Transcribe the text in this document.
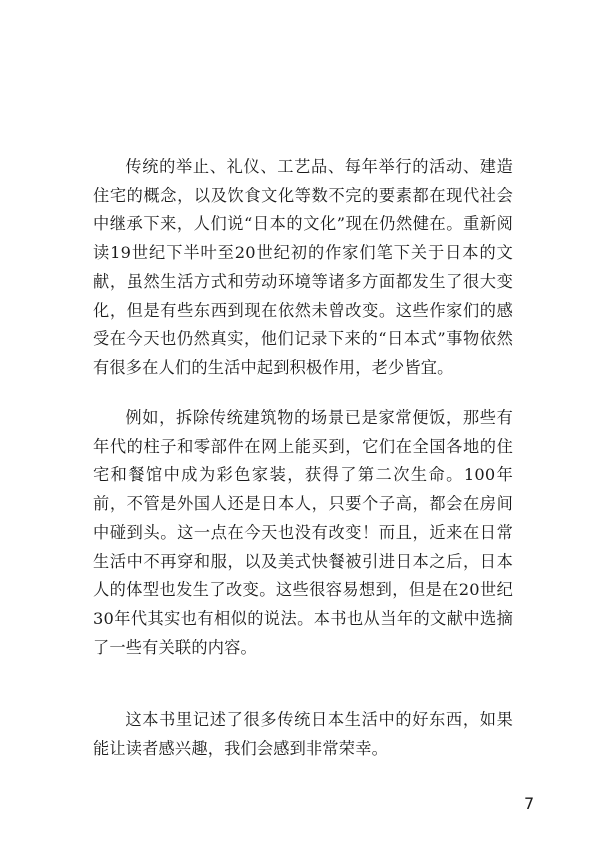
传统的举止、礼仪、工艺品、每年举行的活动、建造住宅的概念，以及饮食文化等数不完的要素都在现代社会中继承下来，人们说“日本的文化”现在仍然健在。重新阅读19世纪下半叶至20世纪初的作家们笔下关于日本的文献，虽然生活方式和劳动环境等诸多方面都发生了很大变化，但是有些东西到现在依然未曾改变。这些作家们的感受在今天也仍然真实，他们记录下来的“日本式”事物依然有很多在人们的生活中起到积极作用，老少皆宜。

例如，拆除传统建筑物的场景已是家常便饭，那些有年代的柱子和零部件在网上能买到，它们在全国各地的住宅和餐馆中成为彩色家装，获得了第二次生命。100年前，不管是外国人还是日本人，只要个子高，都会在房间中碰到头。这一点在今天也没有改变！而且，近来在日常生活中不再穿和服，以及美式快餐被引进日本之后，日本人的体型也发生了改变。这些很容易想到，但是在20世纪30年代其实也有相似的说法。本书也从当年的文献中选摘了一些有关联的内容。

这本书里记述了很多传统日本生活中的好东西，如果能让读者感兴趣，我们会感到非常荣幸。

7
